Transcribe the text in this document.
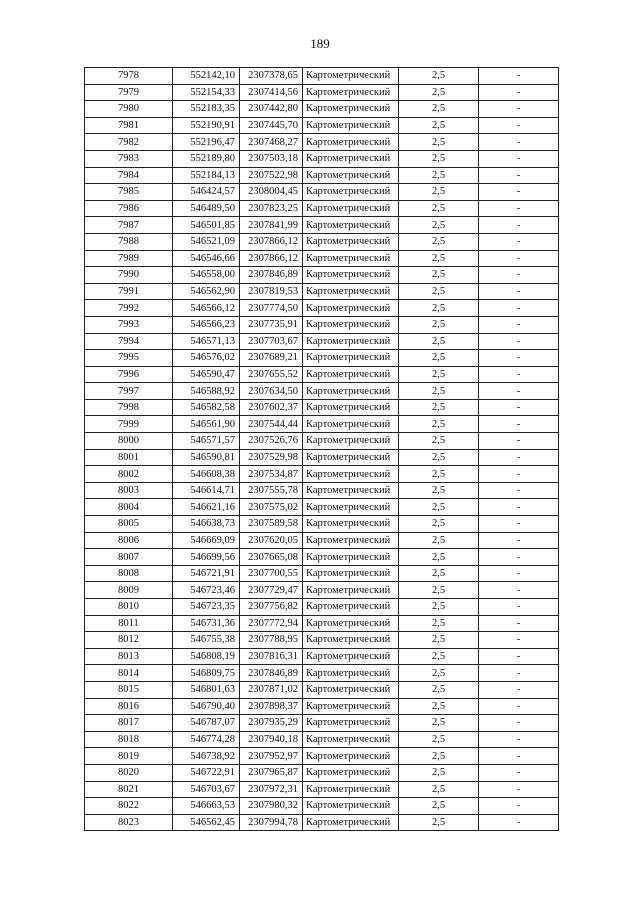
189
7978	552142,10	2307378,65	Картометрический	2,5	-
7979	552154,33	2307414,56	Картометрический	2,5	-
7980	552183,35	2307442,80	Картометрический	2,5	-
7981	552190,91	2307445,70	Картометрический	2,5	-
7982	552196,47	2307468,27	Картометрический	2,5	-
7983	552189,80	2307503,18	Картометрический	2,5	-
7984	552184,13	2307522,98	Картометрический	2,5	-
7985	546424,57	2308004,45	Картометрический	2,5	-
7986	546489,50	2307823,25	Картометрический	2,5	-
7987	546501,85	2307841,99	Картометрический	2,5	-
7988	546521,09	2307866,12	Картометрический	2,5	-
7989	546546,66	2307866,12	Картометрический	2,5	-
7990	546558,00	2307846,89	Картометрический	2,5	-
7991	546562,90	2307819,53	Картометрический	2,5	-
7992	546566,12	2307774,50	Картометрический	2,5	-
7993	546566,23	2307735,91	Картометрический	2,5	-
7994	546571,13	2307703,67	Картометрический	2,5	-
7995	546576,02	2307689,21	Картометрический	2,5	-
7996	546590,47	2307655,52	Картометрический	2,5	-
7997	546588,92	2307634,50	Картометрический	2,5	-
7998	546582,58	2307602,37	Картометрический	2,5	-
7999	546561,90	2307544,44	Картометрический	2,5	-
8000	546571,57	2307526,76	Картометрический	2,5	-
8001	546590,81	2307529,98	Картометрический	2,5	-
8002	546608,38	2307534,87	Картометрический	2,5	-
8003	546614,71	2307555,78	Картометрический	2,5	-
8004	546621,16	2307575,02	Картометрический	2,5	-
8005	546638,73	2307589,58	Картометрический	2,5	-
8006	546669,09	2307620,05	Картометрический	2,5	-
8007	546699,56	2307665,08	Картометрический	2,5	-
8008	546721,91	2307700,55	Картометрический	2,5	-
8009	546723,46	2307729,47	Картометрический	2,5	-
8010	546723,35	2307756,82	Картометрический	2,5	-
8011	546731,36	2307772,94	Картометрический	2,5	-
8012	546755,38	2307788,95	Картометрический	2,5	-
8013	546808,19	2307816,31	Картометрический	2,5	-
8014	546809,75	2307846,89	Картометрический	2,5	-
8015	546801,63	2307871,02	Картометрический	2,5	-
8016	546790,40	2307898,37	Картометрический	2,5	-
8017	546787,07	2307935,29	Картометрический	2,5	-
8018	546774,28	2307940,18	Картометрический	2,5	-
8019	546738,92	2307952,97	Картометрический	2,5	-
8020	546722,91	2307965,87	Картометрический	2,5	-
8021	546703,67	2307972,31	Картометрический	2,5	-
8022	546663,53	2307980,32	Картометрический	2,5	-
8023	546562,45	2307994,78	Картометрический	2,5	-
